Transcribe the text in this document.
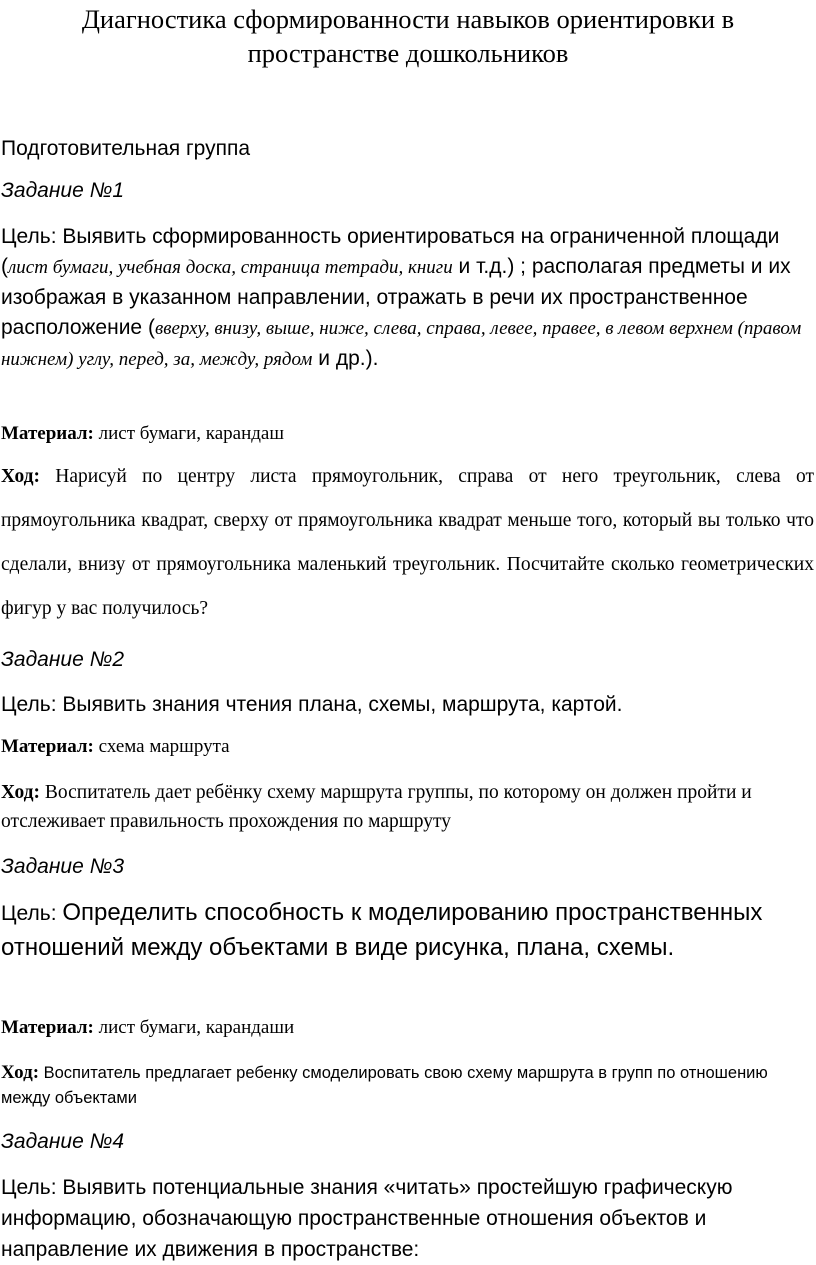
Диагностика сформированности навыков ориентировки в
пространстве дошкольников

Подготовительная группа

Задание №1

Цель: Выявить сформированность ориентироваться на ограниченной площади (лист бумаги, учебная доска, страница тетради, книги и т.д.) ; располагая предметы и их изображая в указанном направлении, отражать в речи их пространственное расположение (вверху, внизу, выше, ниже, слева, справа, левее, правее, в левом верхнем (правом нижнем) углу, перед, за, между, рядом и др.).

Материал: лист бумаги, карандаш

Ход: Нарисуй по центру листа прямоугольник, справа от него треугольник, слева от прямоугольника квадрат, сверху от прямоугольника квадрат меньше того, который вы только что сделали, внизу от прямоугольника маленький треугольник. Посчитайте сколько геометрических фигур у вас получилось?

Задание №2

Цель: Выявить знания чтения плана, схемы, маршрута, картой.

Материал: схема маршрута

Ход: Воспитатель дает ребёнку схему маршрута группы, по которому он должен пройти и отслеживает правильность прохождения по маршруту

Задание №3

Цель: Определить способность к моделированию пространственных отношений между объектами в виде рисунка, плана, схемы.

Материал: лист бумаги, карандаши

Ход: Воспитатель предлагает ребенку смоделировать свою схему маршрута в групп по отношению между объектами

Задание №4

Цель: Выявить потенциальные знания «читать» простейшую графическую информацию, обозначающую пространственные отношения объектов и направление их движения в пространстве:
